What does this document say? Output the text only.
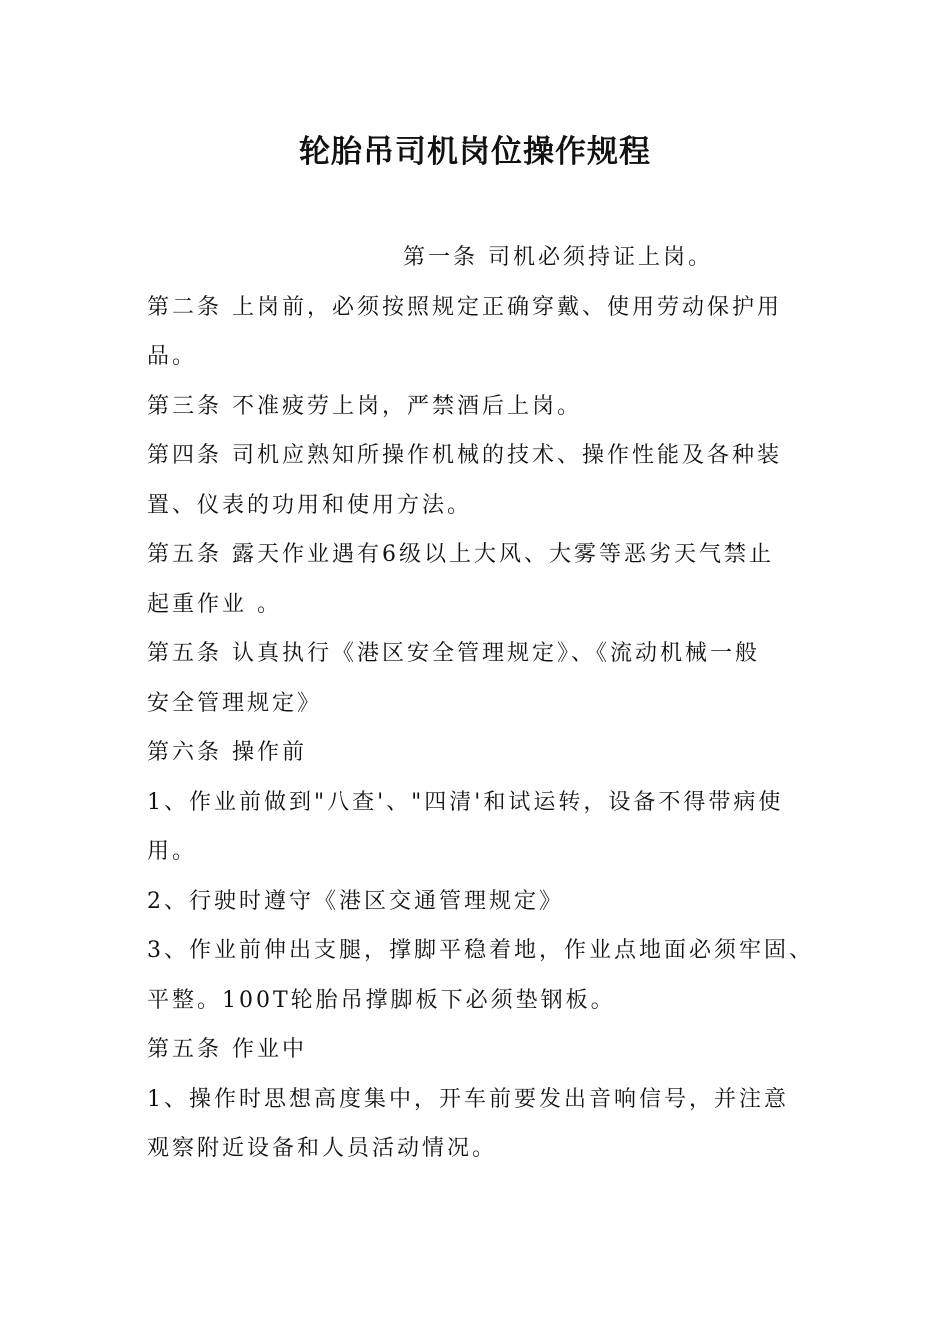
轮胎吊司机岗位操作规程
第一条 司机必须持证上岗。
第二条 上岗前，必须按照规定正确穿戴、使用劳动保护用
品。
第三条 不准疲劳上岗，严禁酒后上岗。
第四条 司机应熟知所操作机械的技术、操作性能及各种装
置、仪表的功用和使用方法。
第五条 露天作业遇有6级以上大风、大雾等恶劣天气禁止
起重作业 。
第五条 认真执行《港区安全管理规定》、《流动机械一般
安全管理规定》
第六条 操作前
1、作业前做到"八查'、"四清'和试运转，设备不得带病使
用。
2、行驶时遵守《港区交通管理规定》
3、作业前伸出支腿，撑脚平稳着地，作业点地面必须牢固、
平整。100T轮胎吊撑脚板下必须垫钢板。
第五条 作业中
1、操作时思想高度集中，开车前要发出音响信号，并注意
观察附近设备和人员活动情况。
